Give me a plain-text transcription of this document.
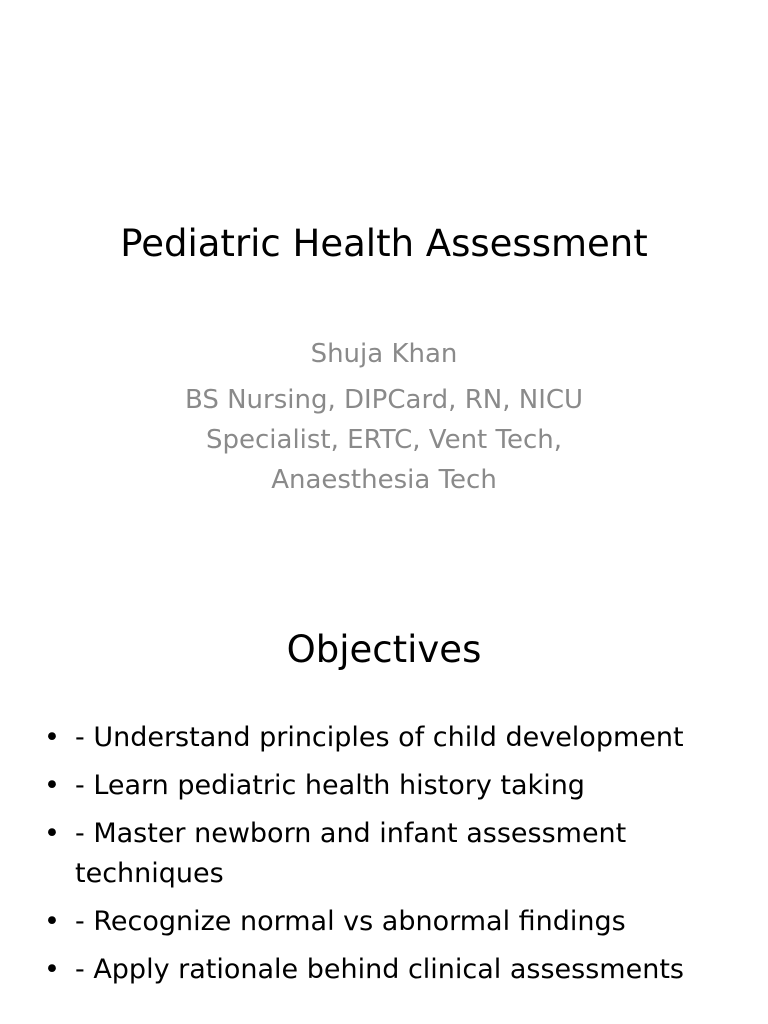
Pediatric Health Assessment
Shuja Khan
BS Nursing, DIPCard, RN, NICU Specialist, ERTC, Vent Tech, Anaesthesia Tech
Objectives
• - Understand principles of child development
• - Learn pediatric health history taking
• - Master newborn and infant assessment techniques
• - Recognize normal vs abnormal findings
• - Apply rationale behind clinical assessments
